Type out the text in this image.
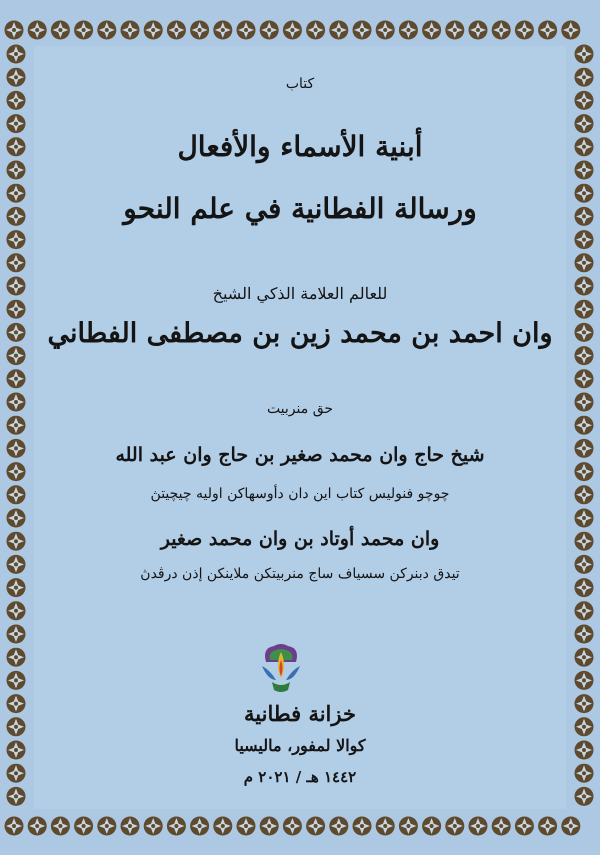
كتاب
أبنية الأسماء والأفعال
ورسالة الفطانية في علم النحو
للعالم العلامة الذكي الشيخ
وان احمد بن محمد زين بن مصطفى الفطاني
حق منربيت
شيخ حاج وان محمد صغير بن حاج وان عبد الله
چوچو فنوليس كتاب اين دان دأوسهاكن اوليه چيچيتڽ
وان محمد أوتاد بن وان محمد صغير
تيدق دبنركن سسياف ساج منربيتكن ملاينكن إذن درڤدڽ
خزانة فطانية
كوالا لمفور، ماليسيا
١٤٤٢ هـ / ٢٠٢١ م
